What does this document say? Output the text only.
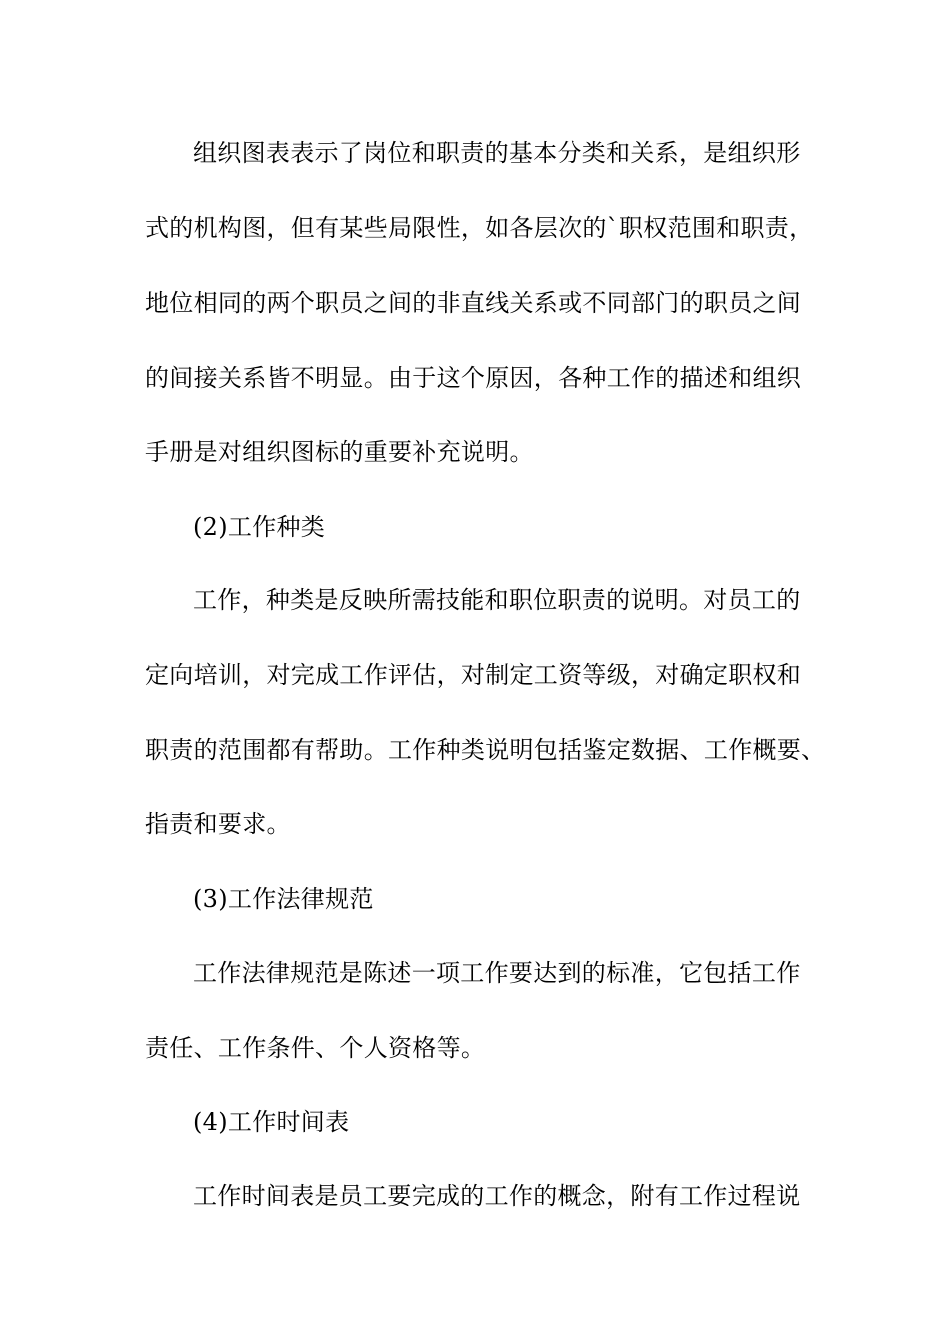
组织图表表示了岗位和职责的基本分类和关系，是组织形
式的机构图，但有某些局限性，如各层次的`职权范围和职责，
地位相同的两个职员之间的非直线关系或不同部门的职员之间
的间接关系皆不明显。由于这个原因，各种工作的描述和组织
手册是对组织图标的重要补充说明。
(2)工作种类
工作，种类是反映所需技能和职位职责的说明。对员工的
定向培训，对完成工作评估，对制定工资等级，对确定职权和
职责的范围都有帮助。工作种类说明包括鉴定数据、工作概要、
指责和要求。
(3)工作法律规范
工作法律规范是陈述一项工作要达到的标准，它包括工作
责任、工作条件、个人资格等。
(4)工作时间表
工作时间表是员工要完成的工作的概念，附有工作过程说
